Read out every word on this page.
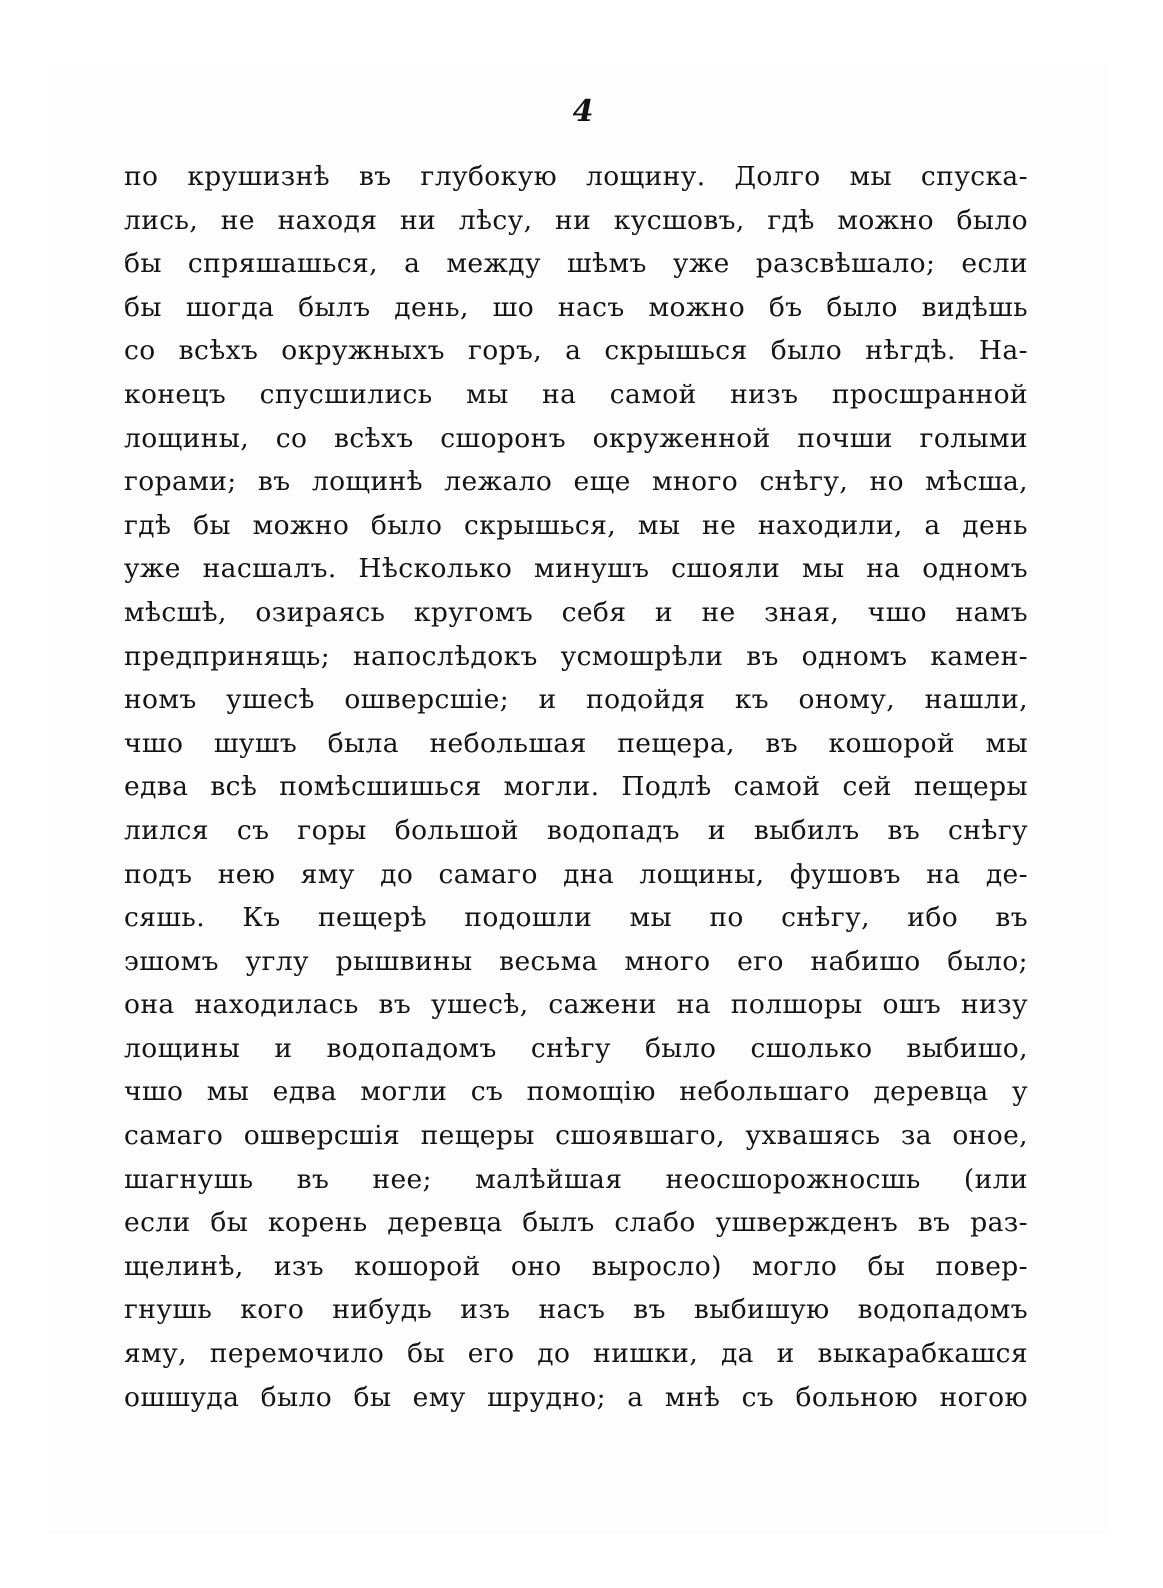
4
по крушизнѣ въ глубокую лощину. Долго мы спуска-
лись, не находя ни лѣсу, ни кусшовъ, гдѣ можно было
бы спряшашься, а между шѣмъ уже разсвѣшало; если
бы шогда былъ день, шо насъ можно бъ было видѣшь
со всѣхъ окружныхъ горъ, а скрышься было нѣгдѣ. На-
конецъ спусшились мы на самой низъ просшранной
лощины, со всѣхъ сшоронъ окруженной почши голыми
горами; въ лощинѣ лежало еще много снѣгу, но мѣсша,
гдѣ бы можно было скрышься, мы не находили, а день
уже насшалъ. Нѣсколько минушъ сшояли мы на одномъ
мѣсшѣ, озираясь кругомъ себя и не зная, чшо намъ
предпринящь; напослѣдокъ усмошрѣли въ одномъ камен-
номъ ушесѣ ошверсшіе; и подойдя къ оному, нашли,
чшо шушъ была небольшая пещера, въ кошорой мы
едва всѣ помѣсшишься могли. Подлѣ самой сей пещеры
лился съ горы большой водопадъ и выбилъ въ снѣгу
подъ нею яму до самаго дна лощины, фушовъ на де-
сяшь. Къ пещерѣ подошли мы по снѣгу, ибо въ
эшомъ углу рышвины весьма много его набишо было;
она находилась въ ушесѣ, сажени на полшоры ошъ низу
лощины и водопадомъ снѣгу было сшолько выбишо,
чшо мы едва могли съ помощію небольшаго деревца у
самаго ошверсшія пещеры сшоявшаго, ухвашясь за оное,
шагнушь въ нее; малѣйшая неосшорожносшь (или
если бы корень деревца былъ слабо ушвержденъ въ раз-
щелинѣ, изъ кошорой оно выросло) могло бы повер-
гнушь кого нибудь изъ насъ въ выбишую водопадомъ
яму, перемочило бы его до нишки, да и выкарабкашся
ошшуда было бы ему шрудно; а мнѣ съ больною ногою
